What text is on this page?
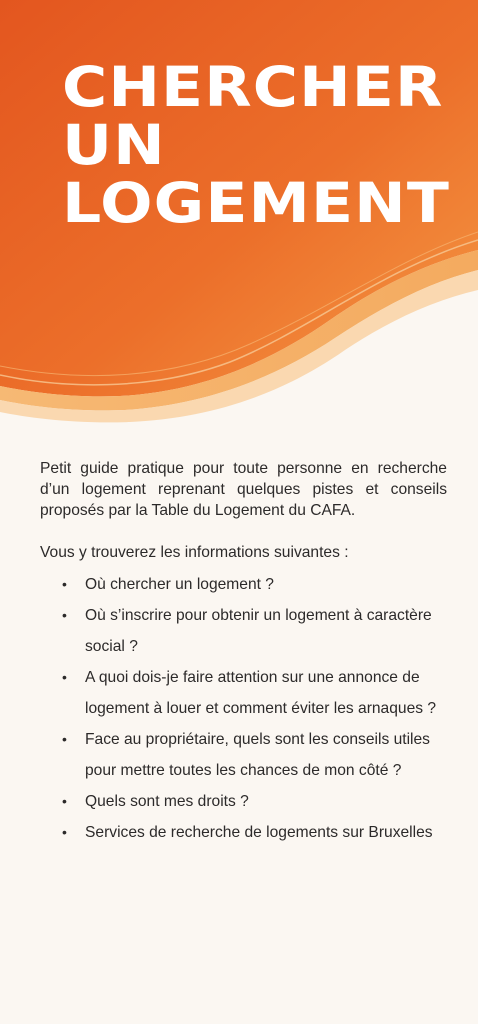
CHERCHER
UN
LOGEMENT

Petit guide pratique pour toute personne en recherche d’un logement reprenant quelques pistes et conseils proposés par la Table du Logement du CAFA.

Vous y trouverez les informations suivantes :

• Où chercher un logement ?
• Où s’inscrire pour obtenir un logement à caractère social ?
• A quoi dois-je faire attention sur une annonce de logement à louer et comment éviter les arnaques ?
• Face au propriétaire, quels sont les conseils utiles pour mettre toutes les chances de mon côté ?
• Quels sont mes droits ?
• Services de recherche de logements sur Bruxelles
